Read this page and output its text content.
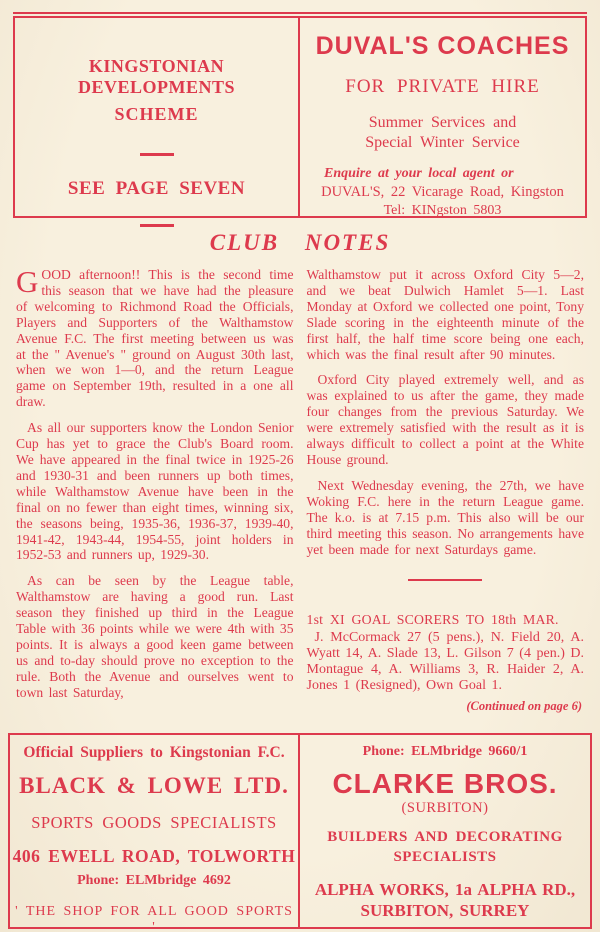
KINGSTONIAN DEVELOPMENTS
SCHEME
SEE PAGE SEVEN
DUVAL'S COACHES
FOR PRIVATE HIRE
Summer Services and
Special Winter Service
Enquire at your local agent or
DUVAL'S, 22 Vicarage Road, Kingston
Tel: KINgston 5803
CLUB NOTES

GOOD afternoon!! This is the second time this season that we have had the pleasure of welcoming to Richmond Road the Officials, Players and Supporters of the Walthamstow Avenue F.C. The first meeting between us was at the " Avenue's " ground on August 30th last, when we won 1—0, and the return League game on September 19th, resulted in a one all draw.

As all our supporters know the London Senior Cup has yet to grace the Club's Board room. We have appeared in the final twice in 1925-26 and 1930-31 and been runners up both times, while Walthamstow Avenue have been in the final on no fewer than eight times, winning six, the seasons being, 1935-36, 1936-37, 1939-40, 1941-42, 1943-44, 1954-55, joint holders in 1952-53 and runners up, 1929-30.

As can be seen by the League table, Walthamstow are having a good run. Last season they finished up third in the League Table with 36 points while we were 4th with 35 points. It is always a good keen game between us and to-day should prove no exception to the rule. Both the Avenue and ourselves went to town last Saturday,

Walthamstow put it across Oxford City 5—2, and we beat Dulwich Hamlet 5—1. Last Monday at Oxford we collected one point, Tony Slade scoring in the eighteenth minute of the first half, the half time score being one each, which was the final result after 90 minutes.

Oxford City played extremely well, and as was explained to us after the game, they made four changes from the previous Saturday. We were extremely satisfied with the result as it is always difficult to collect a point at the White House ground.

Next Wednesday evening, the 27th, we have Woking F.C. here in the return League game. The k.o. is at 7.15 p.m. This also will be our third meeting this season. No arrangements have yet been made for next Saturdays game.

1st XI GOAL SCORERS TO 18th MAR.
J. McCormack 27 (5 pens.), N. Field 20, A. Wyatt 14, A. Slade 13, L. Gilson 7 (4 pen.) D. Montague 4, A. Williams 3, R. Haider 2, A. Jones 1 (Resigned), Own Goal 1.
(Continued on page 6)
Official Suppliers to Kingstonian F.C.
BLACK & LOWE LTD.
SPORTS GOODS SPECIALISTS
406 EWELL ROAD, TOLWORTH
Phone: ELMbridge 4692
' THE SHOP FOR ALL GOOD SPORTS '
Phone: ELMbridge 9660/1
CLARKE BROS.
(SURBITON)
BUILDERS AND DECORATING
SPECIALISTS
ALPHA WORKS, 1a ALPHA RD.,
SURBITON, SURREY
